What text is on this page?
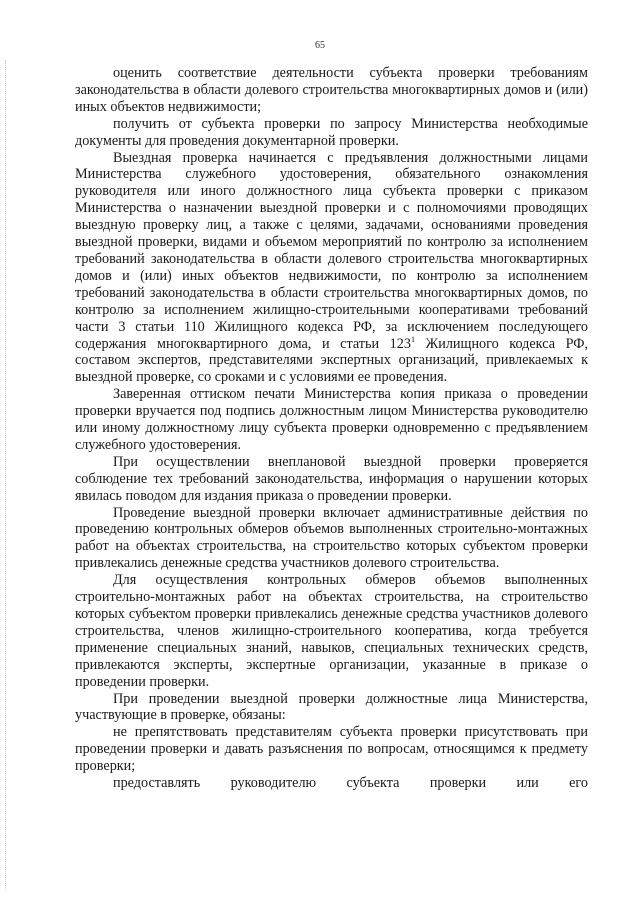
65

оценить соответствие деятельности субъекта проверки требованиям законодательства в области долевого строительства многоквартирных домов и (или) иных объектов недвижимости;

получить от субъекта проверки по запросу Министерства необходимые документы для проведения документарной проверки.

Выездная проверка начинается с предъявления должностными лицами Министерства служебного удостоверения, обязательного ознакомления руководителя или иного должностного лица субъекта проверки с приказом Министерства о назначении выездной проверки и с полномочиями проводящих выездную проверку лиц, а также с целями, задачами, основаниями проведения выездной проверки, видами и объемом мероприятий по контролю за исполнением требований законодательства в области долевого строительства многоквартирных домов и (или) иных объектов недвижимости, по контролю за исполнением требований законодательства в области строительства многоквартирных домов, по контролю за исполнением жилищно-строительными кооперативами требований части 3 статьи 110 Жилищного кодекса РФ, за исключением последующего содержания многоквартирного дома, и статьи $123^1$ Жилищного кодекса РФ, составом экспертов, представителями экспертных организаций, привлекаемых к выездной проверке, со сроками и с условиями ее проведения.

Заверенная оттиском печати Министерства копия приказа о проведении проверки вручается под подпись должностным лицом Министерства руководителю или иному должностному лицу субъекта проверки одновременно с предъявлением служебного удостоверения.

При осуществлении внеплановой выездной проверки проверяется соблюдение тех требований законодательства, информация о нарушении которых явилась поводом для издания приказа о проведении проверки.

Проведение выездной проверки включает административные действия по проведению контрольных обмеров объемов выполненных строительно-монтажных работ на объектах строительства, на строительство которых субъектом проверки привлекались денежные средства участников долевого строительства.

Для осуществления контрольных обмеров объемов выполненных строительно-монтажных работ на объектах строительства, на строительство которых субъектом проверки привлекались денежные средства участников долевого строительства, членов жилищно-строительного кооператива, когда требуется применение специальных знаний, навыков, специальных технических средств, привлекаются эксперты, экспертные организации, указанные в приказе о проведении проверки.

При проведении выездной проверки должностные лица Министерства, участвующие в проверке, обязаны:

не препятствовать представителям субъекта проверки присутствовать при проведении проверки и давать разъяснения по вопросам, относящимся к предмету проверки;

предоставлять руководителю субъекта проверки или его
